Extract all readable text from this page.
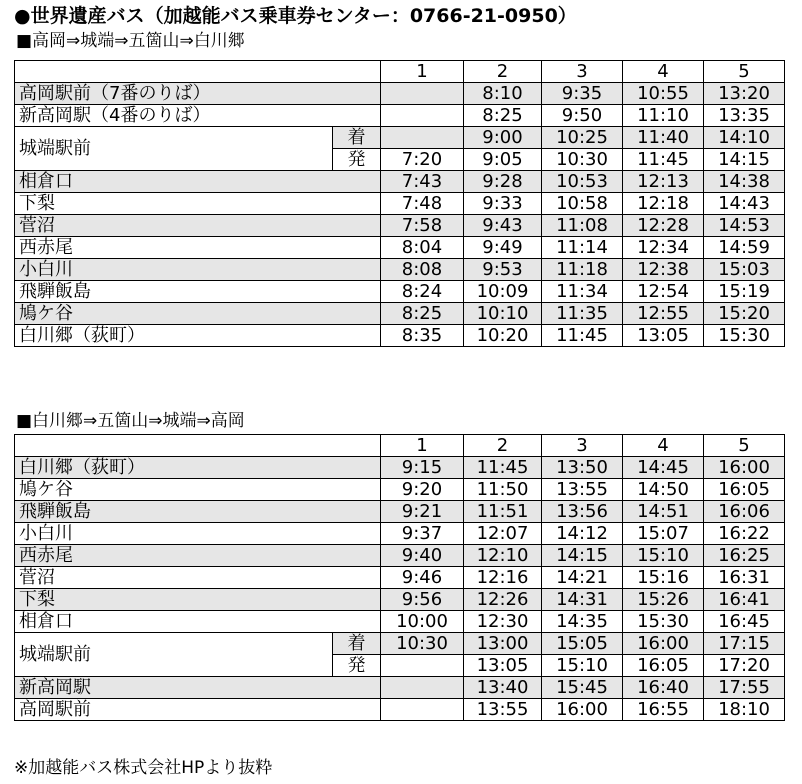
●世界遺産バス（加越能バス乗車券センター：0766-21-0950）
■高岡⇒城端⇒五箇山⇒白川郷
		1	2	3	4	5
高岡駅前（7番のりば）			8:10	9:35	10:55	13:20
新高岡駅（4番のりば）			8:25	9:50	11:10	13:35
城端駅前	着		9:00	10:25	11:40	14:10
	発	7:20	9:05	10:30	11:45	14:15
相倉口		7:43	9:28	10:53	12:13	14:38
下梨		7:48	9:33	10:58	12:18	14:43
菅沼		7:58	9:43	11:08	12:28	14:53
西赤尾		8:04	9:49	11:14	12:34	14:59
小白川		8:08	9:53	11:18	12:38	15:03
飛騨飯島		8:24	10:09	11:34	12:54	15:19
鳩ケ谷		8:25	10:10	11:35	12:55	15:20
白川郷（荻町）		8:35	10:20	11:45	13:05	15:30
■白川郷⇒五箇山⇒城端⇒高岡
		1	2	3	4	5
白川郷（荻町）		9:15	11:45	13:50	14:45	16:00
鳩ケ谷		9:20	11:50	13:55	14:50	16:05
飛騨飯島		9:21	11:51	13:56	14:51	16:06
小白川		9:37	12:07	14:12	15:07	16:22
西赤尾		9:40	12:10	14:15	15:10	16:25
菅沼		9:46	12:16	14:21	15:16	16:31
下梨		9:56	12:26	14:31	15:26	16:41
相倉口		10:00	12:30	14:35	15:30	16:45
城端駅前	着	10:30	13:00	15:05	16:00	17:15
	発		13:05	15:10	16:05	17:20
新高岡駅			13:40	15:45	16:40	17:55
高岡駅前			13:55	16:00	16:55	18:10
※加越能バス株式会社HPより抜粋
